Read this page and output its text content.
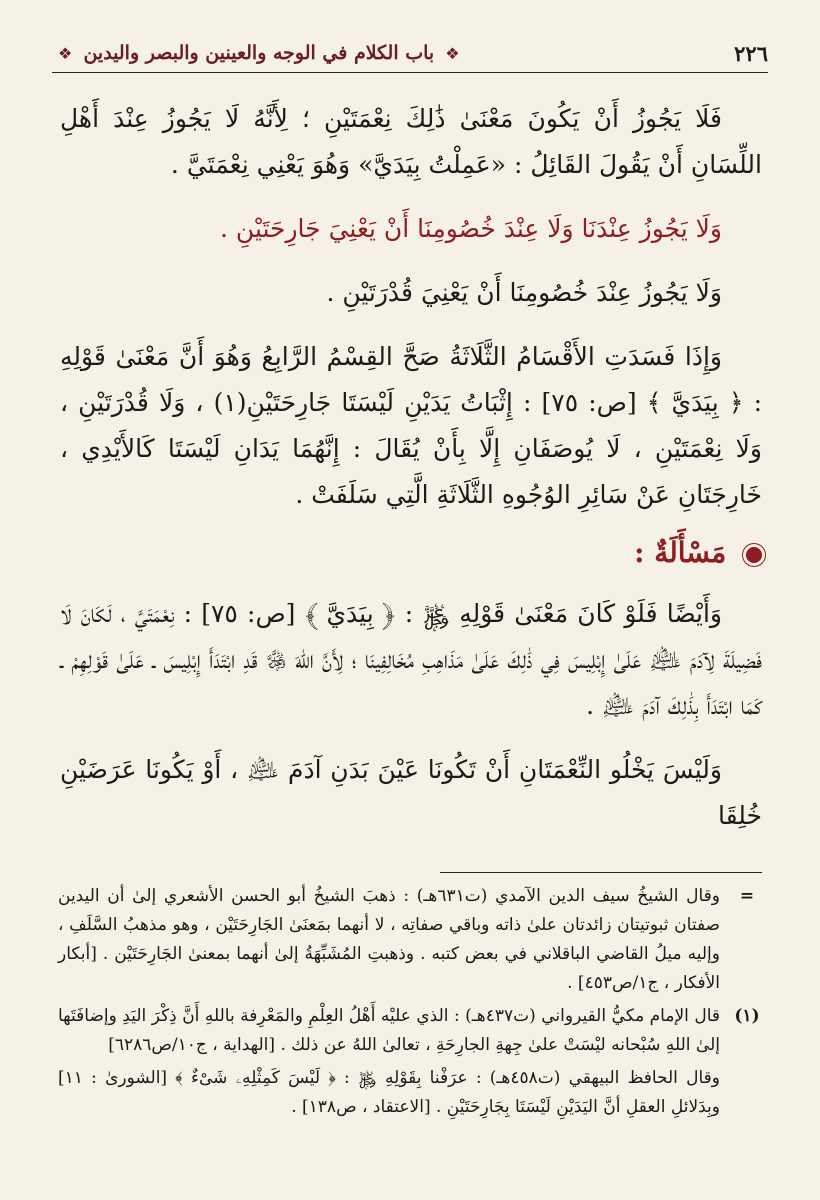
٢٢٦
❖ باب الكلام في الوجه والعينين والبصر واليدين ❖

فَلَا يَجُوزُ أَنْ يَكُونَ مَعْنَىٰ ذَٰلِكَ نِعْمَتَيْنِ ؛ لِأَنَّهُ لَا يَجُوزُ عِنْدَ أَهْلِ اللِّسَانِ أَنْ يَقُولَ القَائِلُ : «عَمِلْتُ بِيَدَيَّ» وَهُوَ يَعْنِي نِعْمَتَيَّ .

وَلَا يَجُوزُ عِنْدَنَا وَلَا عِنْدَ خُصُومِنَا أَنْ يَعْنِيَ جَارِحَتَيْنِ .

وَلَا يَجُوزُ عِنْدَ خُصُومِنَا أَنْ يَعْنِيَ قُدْرَتَيْنِ .

وَإِذَا فَسَدَتِ الأَقْسَامُ الثَّلَاثَةُ صَحَّ القِسْمُ الرَّابِعُ وَهُوَ أَنَّ مَعْنَىٰ قَوْلِهِ : ﴿ بِيَدَيَّ ﴾ [ص: ٧٥] : إِثْبَاتُ يَدَيْنِ لَيْسَتَا جَارِحَتَيْنِ(١) ، وَلَا قُدْرَتَيْنِ ، وَلَا نِعْمَتَيْنِ ، لَا يُوصَفَانِ إِلَّا بِأَنْ يُقَالَ : إِنَّهُمَا يَدَانِ لَيْسَتَا كَالأَيْدِي ، خَارِجَتَانِ عَنْ سَائِرِ الوُجُوهِ الثَّلَاثَةِ الَّتِي سَلَفَتْ .

مَسْأَلَةٌ :

وَأَيْضًا فَلَوْ كَانَ مَعْنَىٰ قَوْلِهِ ﷿ : ﴿ بِيَدَيَّ ﴾ [ص: ٧٥] : نِعْمَتَيَّ ، لَكَانَ لَا فَضِيلَةَ لِآدَمَ ﵇ عَلَىٰ إِبْلِيسَ فِي ذَٰلِكَ عَلَىٰ مَذَاهِبِ مُخَالِفِينَا ؛ لِأَنَّ اللهَ ﷿ قَدِ ابْتَدَأَ إِبْلِيسَ ـ عَلَىٰ قَوْلِهِمْ ـ كَمَا ابْتَدَأَ بِذَٰلِكَ آدَمَ ﵇ .

وَلَيْسَ يَخْلُو النِّعْمَتَانِ أَنْ تَكُونَا عَيْنَ بَدَنِ آدَمَ ﵇ ، أَوْ يَكُونَا عَرَضَيْنِ خُلِقَا

=
وقال الشيخُ سيف الدين الآمدي (ت٦٣١هـ) : ذهبَ الشيخُ أبو الحسن الأشعري إلىٰ أن اليدين صفتان ثبوتيتان زائدتان علىٰ ذاته وباقي صفاتِه ، لا أنهما بمَعنَىٰ الجَارِحَتَيْن ، وهو مذهبُ السَّلَفِ ، وإليه ميلُ القاضي الباقلاني في بعض كتبه . وذهبتِ المُشَبِّهَةُ إلىٰ أنهما بمعنىٰ الجَارِحَتَيْن . [أبكار الأفكار ، ج١/ص٤٥٣] .
(١)
قال الإمام مكيُّ القيرواني (ت٤٣٧هـ) : الذي عليْه أَهْلُ العِلْمِ والمَعْرِفة باللهِ أَنَّ ذِكْرَ اليَدِ وإضافَتَها إلىٰ اللهِ سُبْحانه ليْسَتْ علىٰ جِهةِ الجارِحَةِ ، تعالىٰ اللهُ عن ذلك . [الهداية ، ج١٠/ص٦٢٨٦]
وقال الحافظ البيهقي (ت٤٥٨هـ) : عرَفْنا بِقَوْلِهِ ﷿ : ﴿ لَيْسَ كَمِثْلِهِۦ شَىْءٌ ﴾ [الشورىٰ : ١١] وبِدَلائلِ العقلِ أنَّ اليَدَيْنِ لَيْسَتَا بِجَارِحَتَيْنِ . [الاعتقاد ، ص١٣٨] .
